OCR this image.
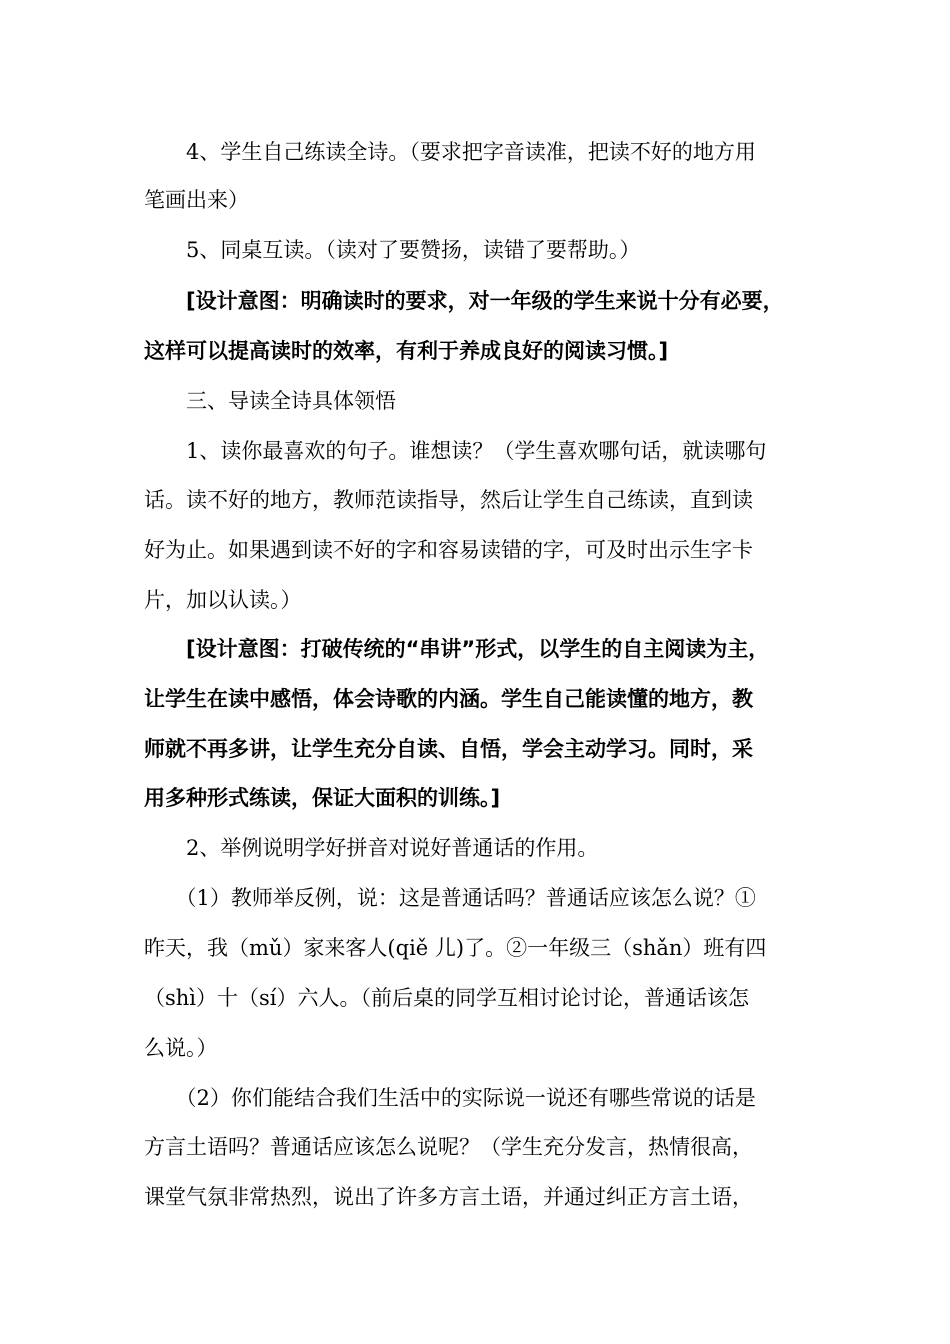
　　4、学生自己练读全诗。（要求把字音读准，把读不好的地方用

笔画出来）

　　5、同桌互读。（读对了要赞扬，读错了要帮助。）

　　[设计意图：明确读时的要求，对一年级的学生来说十分有必要，

这样可以提高读时的效率，有利于养成良好的阅读习惯。]

　　三、导读全诗具体领悟

　　1、读你最喜欢的句子。谁想读？（学生喜欢哪句话，就读哪句

话。读不好的地方，教师范读指导，然后让学生自己练读，直到读

好为止。如果遇到读不好的字和容易读错的字，可及时出示生字卡

片，加以认读。）

　　[设计意图：打破传统的“串讲”形式，以学生的自主阅读为主，

让学生在读中感悟，体会诗歌的内涵。学生自己能读懂的地方，教

师就不再多讲，让学生充分自读、自悟，学会主动学习。同时，采

用多种形式练读，保证大面积的训练。]

　　2、举例说明学好拼音对说好普通话的作用。

　　（1）教师举反例，说：这是普通话吗？普通话应该怎么说？①

昨天，我（mǔ）家来客人(qiě 儿)了。②一年级三（shǎn）班有四

（shì）十（sí）六人。（前后桌的同学互相讨论讨论，普通话该怎

么说。）

　　（2）你们能结合我们生活中的实际说一说还有哪些常说的话是

方言土语吗？普通话应该怎么说呢？（学生充分发言，热情很高，

课堂气氛非常热烈，说出了许多方言土语，并通过纠正方言土语，
